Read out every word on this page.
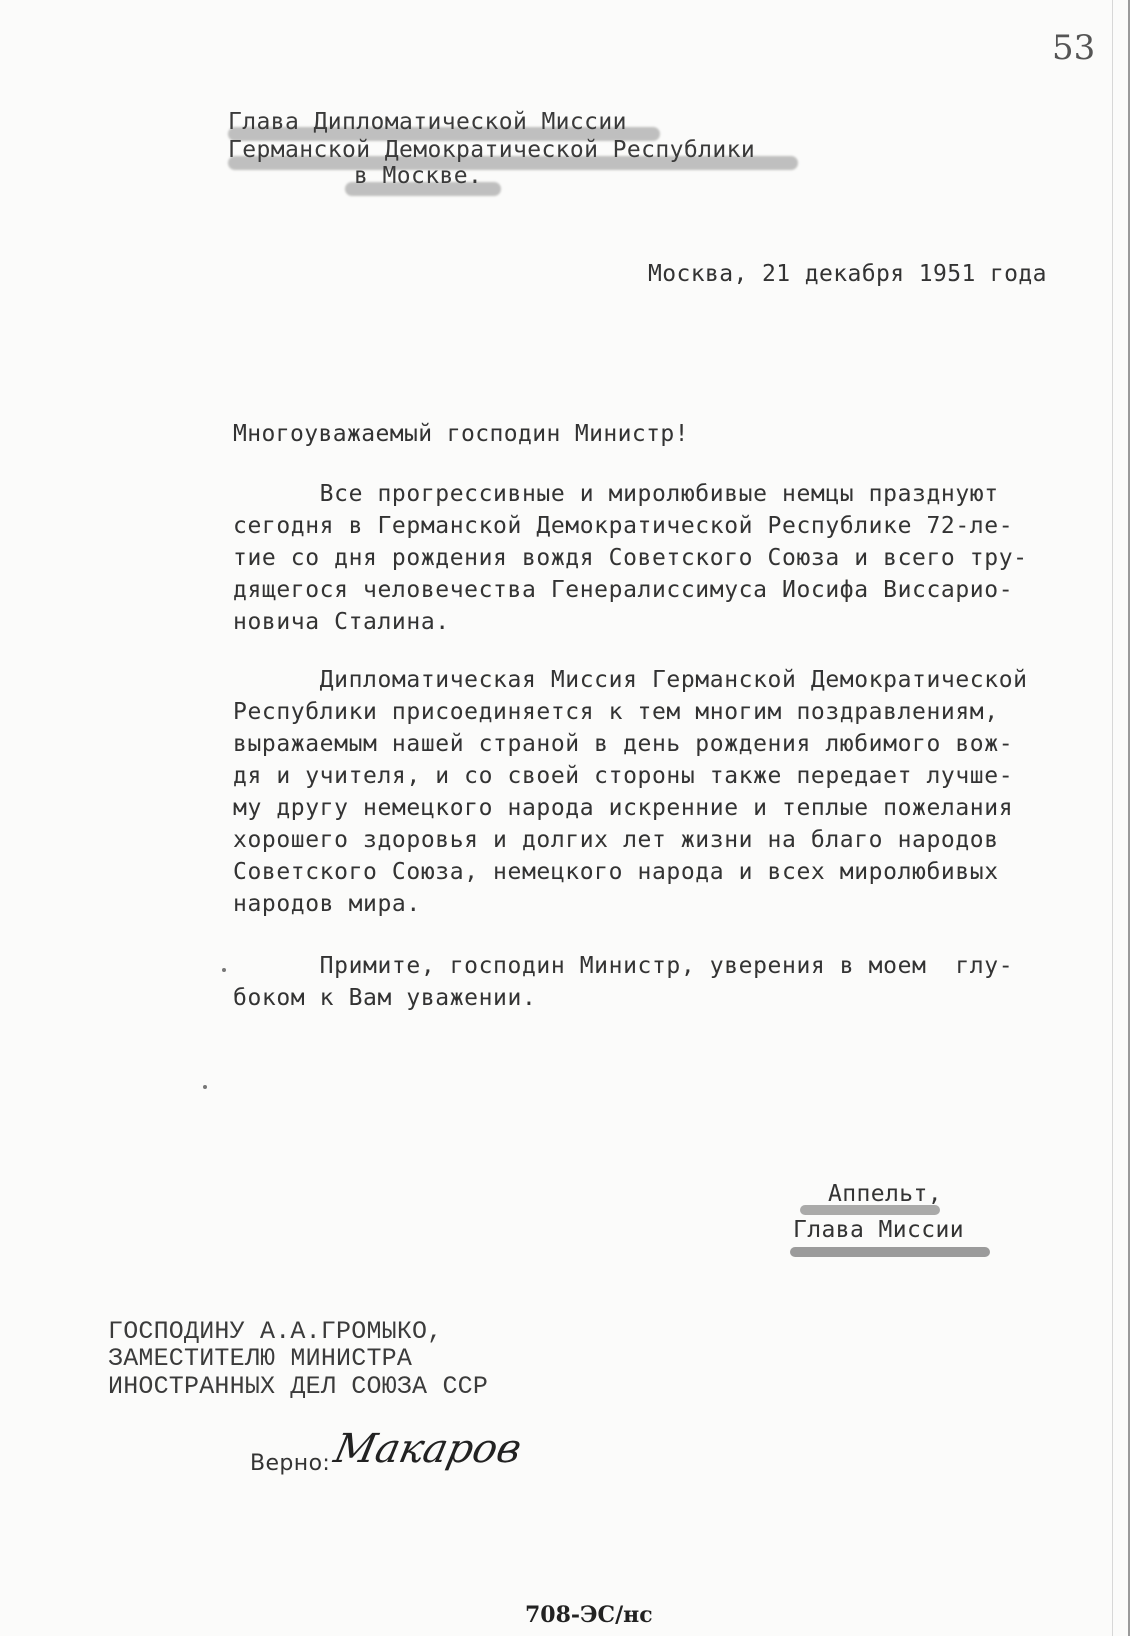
53
Глава Дипломатической Миссии
Германской Демократической Республики
в Москве.
Москва, 21 декабря 1951 года
Многоуважаемый господин Министр!
Все прогрессивные и миролюбивые немцы празднуют
сегодня в Германской Демократической Республике 72-ле-
тие со дня рождения вождя Советского Союза и всего тру-
дящегося человечества Генералиссимуса Иосифа Виссарио-
новича Сталина.
Дипломатическая Миссия Германской Демократической
Республики присоединяется к тем многим поздравлениям,
выражаемым нашей страной в день рождения любимого вож-
дя и учителя, и со своей стороны также передает лучше-
му другу немецкого народа искренние и теплые пожелания
хорошего здоровья и долгих лет жизни на благо народов
Советского Союза, немецкого народа и всех миролюбивых
народов мира.
Примите, господин Министр, уверения в моем  глу-
боком к Вам уважении.
Аппельт,
Глава Миссии
ГОСПОДИНУ А.А.ГРОМЫКО,
ЗАМЕСТИТЕЛЮ МИНИСТРА
ИНОСТРАННЫХ ДЕЛ СОЮЗА ССР
Верно: Макаров
708-ЭС/нс
